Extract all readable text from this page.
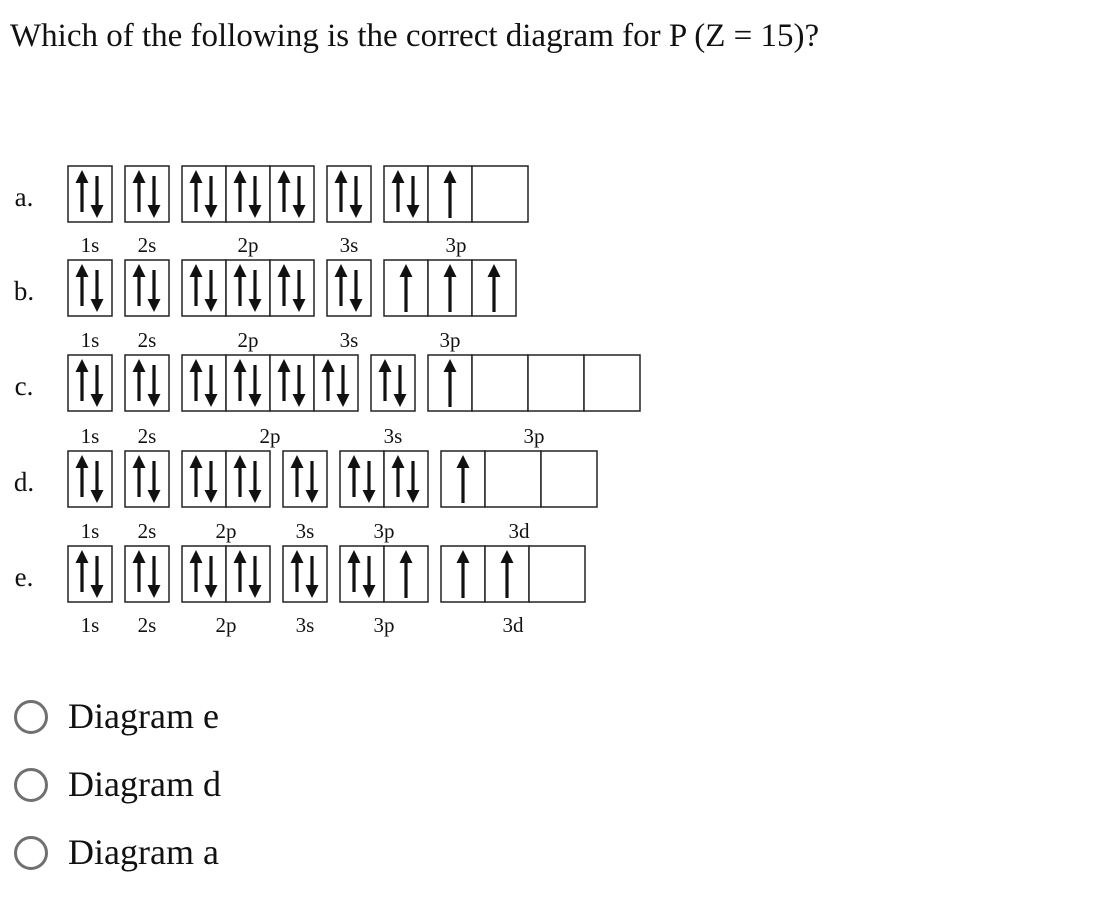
Which of the following is the correct diagram for P (Z = 15)?
a.
1s 2s	2p	3s	3p
b.
1s 2s	2p	3s	3p
c.
1s 2s	2p	3s	3p
d.
1s 2s	2p	3s	3p	3d
e.
1s 2s	2p	3s	3p	3d
Diagram e
Diagram d
Diagram a
